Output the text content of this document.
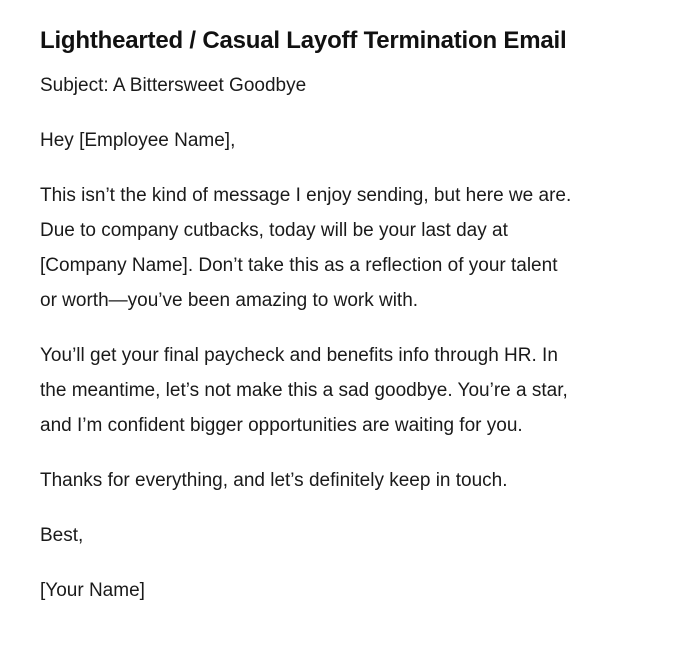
Lighthearted / Casual Layoff Termination Email

Subject: A Bittersweet Goodbye

Hey [Employee Name],

This isn’t the kind of message I enjoy sending, but here we are.
Due to company cutbacks, today will be your last day at
[Company Name]. Don’t take this as a reflection of your talent
or worth—you’ve been amazing to work with.

You’ll get your final paycheck and benefits info through HR. In
the meantime, let’s not make this a sad goodbye. You’re a star,
and I’m confident bigger opportunities are waiting for you.

Thanks for everything, and let’s definitely keep in touch.

Best,

[Your Name]
